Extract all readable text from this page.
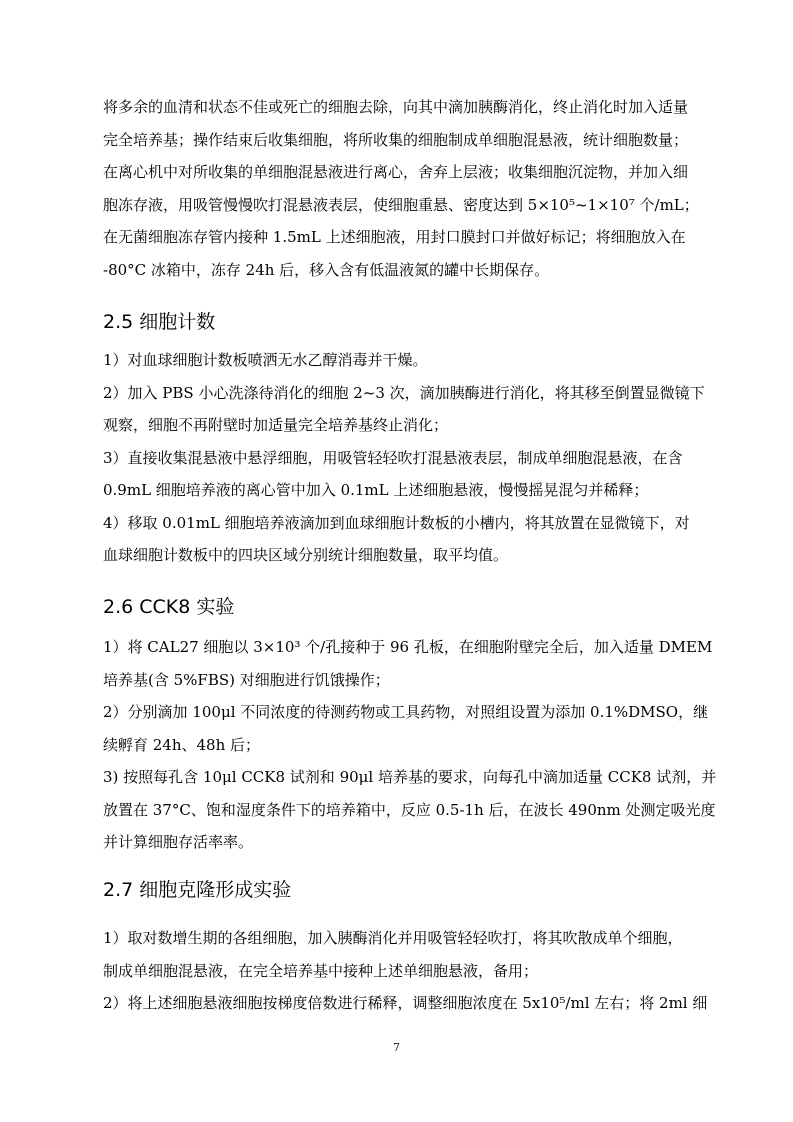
将多余的血清和状态不佳或死亡的细胞去除，向其中滴加胰酶消化，终止消化时加入适量
完全培养基；操作结束后收集细胞，将所收集的细胞制成单细胞混悬液，统计细胞数量；
在离心机中对所收集的单细胞混悬液进行离心，舍弃上层液；收集细胞沉淀物，并加入细
胞冻存液，用吸管慢慢吹打混悬液表层，使细胞重悬、密度达到 5×10⁵~1×10⁷ 个/mL；
在无菌细胞冻存管内接种 1.5mL 上述细胞液，用封口膜封口并做好标记；将细胞放入在
-80°C 冰箱中，冻存 24h 后，移入含有低温液氮的罐中长期保存。

2.5 细胞计数

1）对血球细胞计数板喷洒无水乙醇消毒并干燥。
2）加入 PBS 小心洗涤待消化的细胞 2~3 次，滴加胰酶进行消化，将其移至倒置显微镜下
观察，细胞不再附壁时加适量完全培养基终止消化；
3）直接收集混悬液中悬浮细胞，用吸管轻轻吹打混悬液表层，制成单细胞混悬液，在含
0.9mL 细胞培养液的离心管中加入 0.1mL 上述细胞悬液，慢慢摇晃混匀并稀释；
4）移取 0.01mL 细胞培养液滴加到血球细胞计数板的小槽内，将其放置在显微镜下，对
血球细胞计数板中的四块区域分别统计细胞数量，取平均值。

2.6 CCK8 实验

1）将 CAL27 细胞以 3×10³ 个/孔接种于 96 孔板，在细胞附壁完全后，加入适量 DMEM
培养基(含 5%FBS) 对细胞进行饥饿操作；
2）分别滴加 100μl 不同浓度的待测药物或工具药物，对照组设置为添加 0.1%DMSO，继
续孵育 24h、48h 后；
3) 按照每孔含 10μl CCK8 试剂和 90μl 培养基的要求，向每孔中滴加适量 CCK8 试剂，并
放置在 37°C、饱和湿度条件下的培养箱中，反应 0.5-1h 后，在波长 490nm 处测定吸光度
并计算细胞存活率率。

2.7 细胞克隆形成实验

1）取对数增生期的各组细胞，加入胰酶消化并用吸管轻轻吹打，将其吹散成单个细胞，
制成单细胞混悬液，在完全培养基中接种上述单细胞悬液，备用；
2）将上述细胞悬液细胞按梯度倍数进行稀释，调整细胞浓度在 5x10⁵/ml 左右；将 2ml 细

7
